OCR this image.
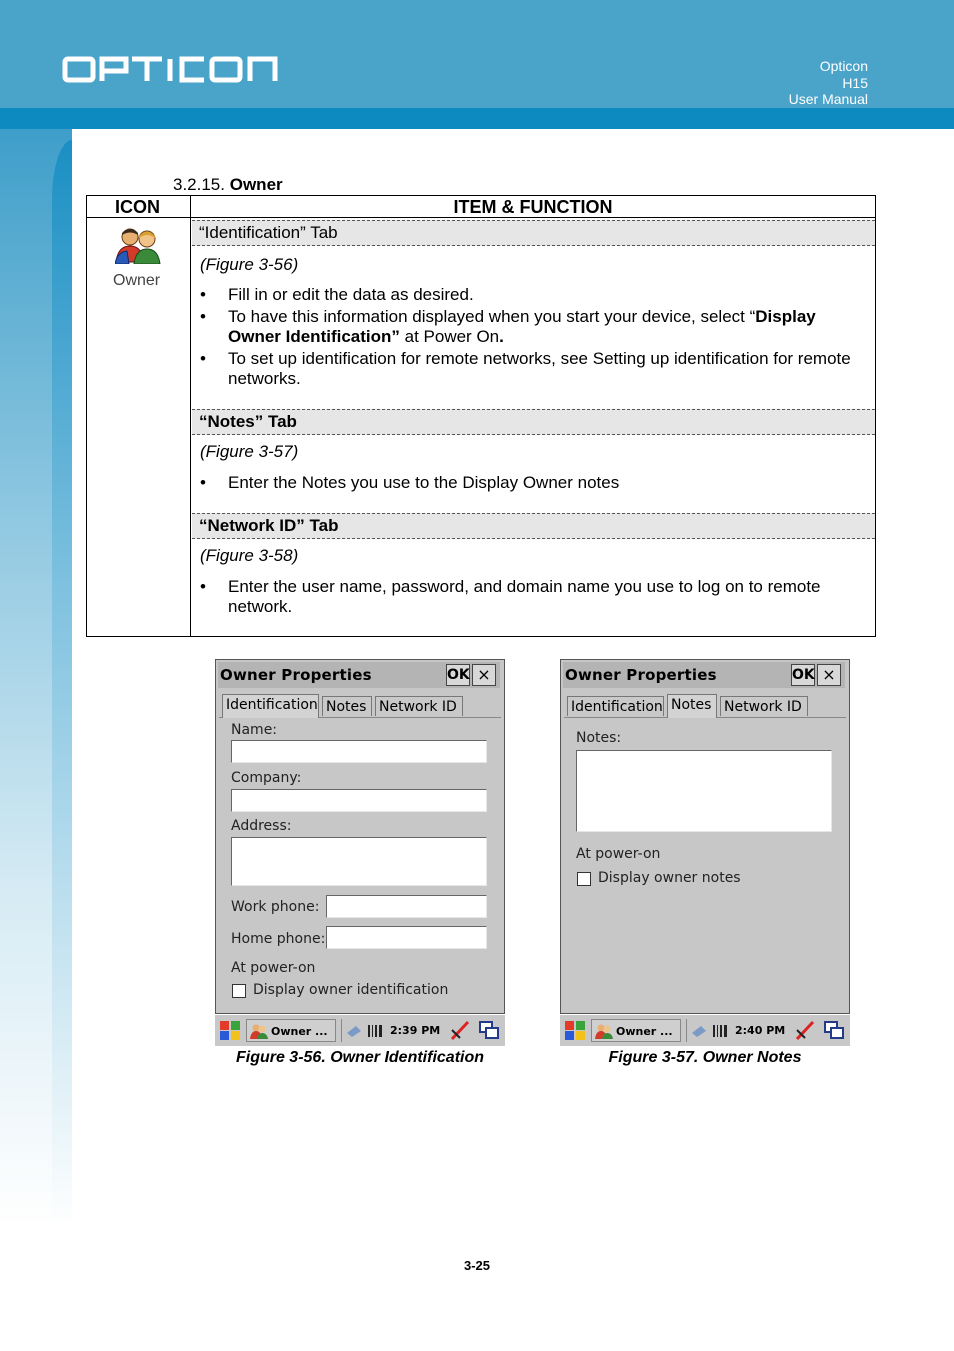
Opticon
H15
User Manual
3.2.15. Owner
ICON	ITEM & FUNCTION
Owner
“Identification” Tab
(Figure 3-56)
•	Fill in or edit the data as desired.
•	To have this information displayed when you start your device, select “Display Owner Identification” at Power On.
•	To set up identification for remote networks, see Setting up identification for remote networks.
“Notes” Tab
(Figure 3-57)
•	Enter the Notes you use to the Display Owner notes
“Network ID” Tab
(Figure 3-58)
•	Enter the user name, password, and domain name you use to log on to remote network.
Owner Properties	OK ×
Identification Notes Network ID
Name:
Company:
Address:
Work phone:
Home phone:
At power-on
Display owner identification
Owner ...	2:39 PM
Figure 3-56. Owner Identification
Owner Properties	OK ×
Identification Notes Network ID
Notes:
At power-on
Display owner notes
Owner ...	2:40 PM
Figure 3-57. Owner Notes
3-25
